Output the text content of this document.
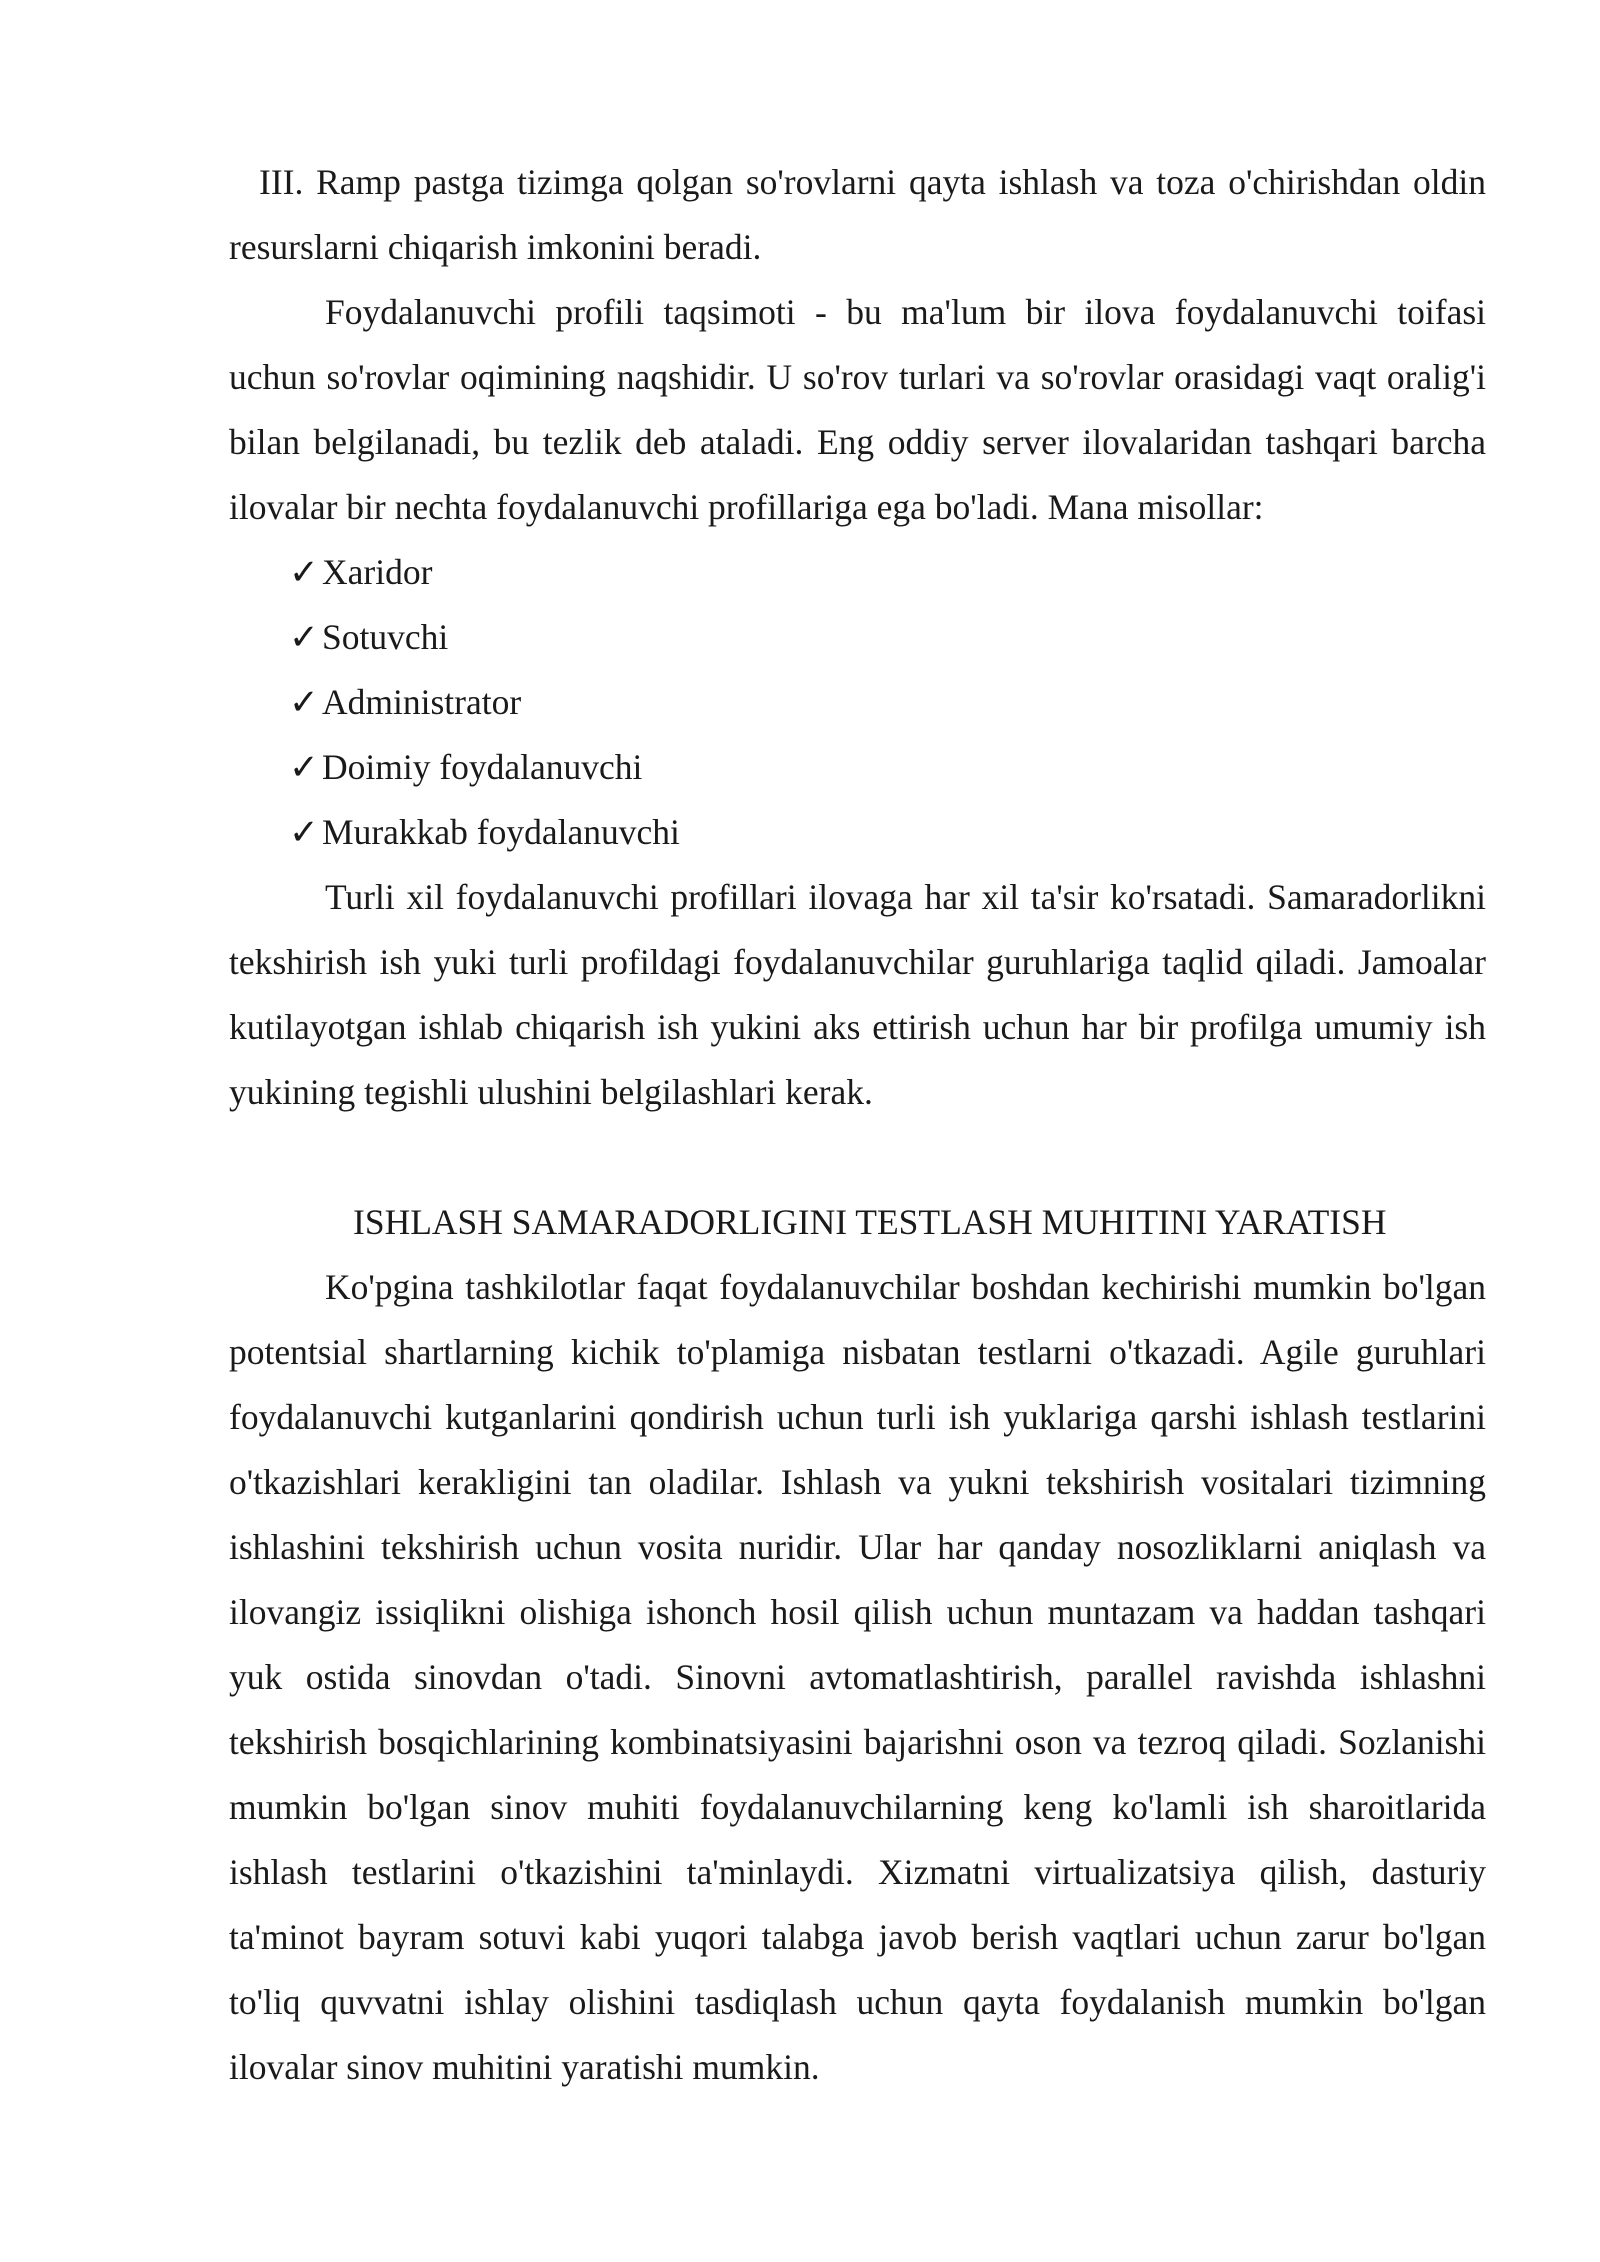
III. Ramp pastga tizimga qolgan so'rovlarni qayta ishlash va toza o'chirishdan oldin resurslarni chiqarish imkonini beradi.

Foydalanuvchi profili taqsimoti - bu ma'lum bir ilova foydalanuvchi toifasi uchun so'rovlar oqimining naqshidir. U so'rov turlari va so'rovlar orasidagi vaqt oralig'i bilan belgilanadi, bu tezlik deb ataladi. Eng oddiy server ilovalaridan tashqari barcha ilovalar bir nechta foydalanuvchi profillariga ega bo'ladi. Mana misollar:

✓Xaridor
✓Sotuvchi
✓Administrator
✓Doimiy foydalanuvchi
✓Murakkab foydalanuvchi

Turli xil foydalanuvchi profillari ilovaga har xil ta'sir ko'rsatadi. Samaradorlikni tekshirish ish yuki turli profildagi foydalanuvchilar guruhlariga taqlid qiladi. Jamoalar kutilayotgan ishlab chiqarish ish yukini aks ettirish uchun har bir profilga umumiy ish yukining tegishli ulushini belgilashlari kerak.

ISHLASH SAMARADORLIGINI TESTLASH MUHITINI YARATISH

Ko'pgina tashkilotlar faqat foydalanuvchilar boshdan kechirishi mumkin bo'lgan potentsial shartlarning kichik to'plamiga nisbatan testlarni o'tkazadi. Agile guruhlari foydalanuvchi kutganlarini qondirish uchun turli ish yuklariga qarshi ishlash testlarini o'tkazishlari kerakligini tan oladilar. Ishlash va yukni tekshirish vositalari tizimning ishlashini tekshirish uchun vosita nuridir. Ular har qanday nosozliklarni aniqlash va ilovangiz issiqlikni olishiga ishonch hosil qilish uchun muntazam va haddan tashqari yuk ostida sinovdan o'tadi. Sinovni avtomatlashtirish, parallel ravishda ishlashni tekshirish bosqichlarining kombinatsiyasini bajarishni oson va tezroq qiladi. Sozlanishi mumkin bo'lgan sinov muhiti foydalanuvchilarning keng ko'lamli ish sharoitlarida ishlash testlarini o'tkazishini ta'minlaydi. Xizmatni virtualizatsiya qilish, dasturiy ta'minot bayram sotuvi kabi yuqori talabga javob berish vaqtlari uchun zarur bo'lgan to'liq quvvatni ishlay olishini tasdiqlash uchun qayta foydalanish mumkin bo'lgan ilovalar sinov muhitini yaratishi mumkin.
